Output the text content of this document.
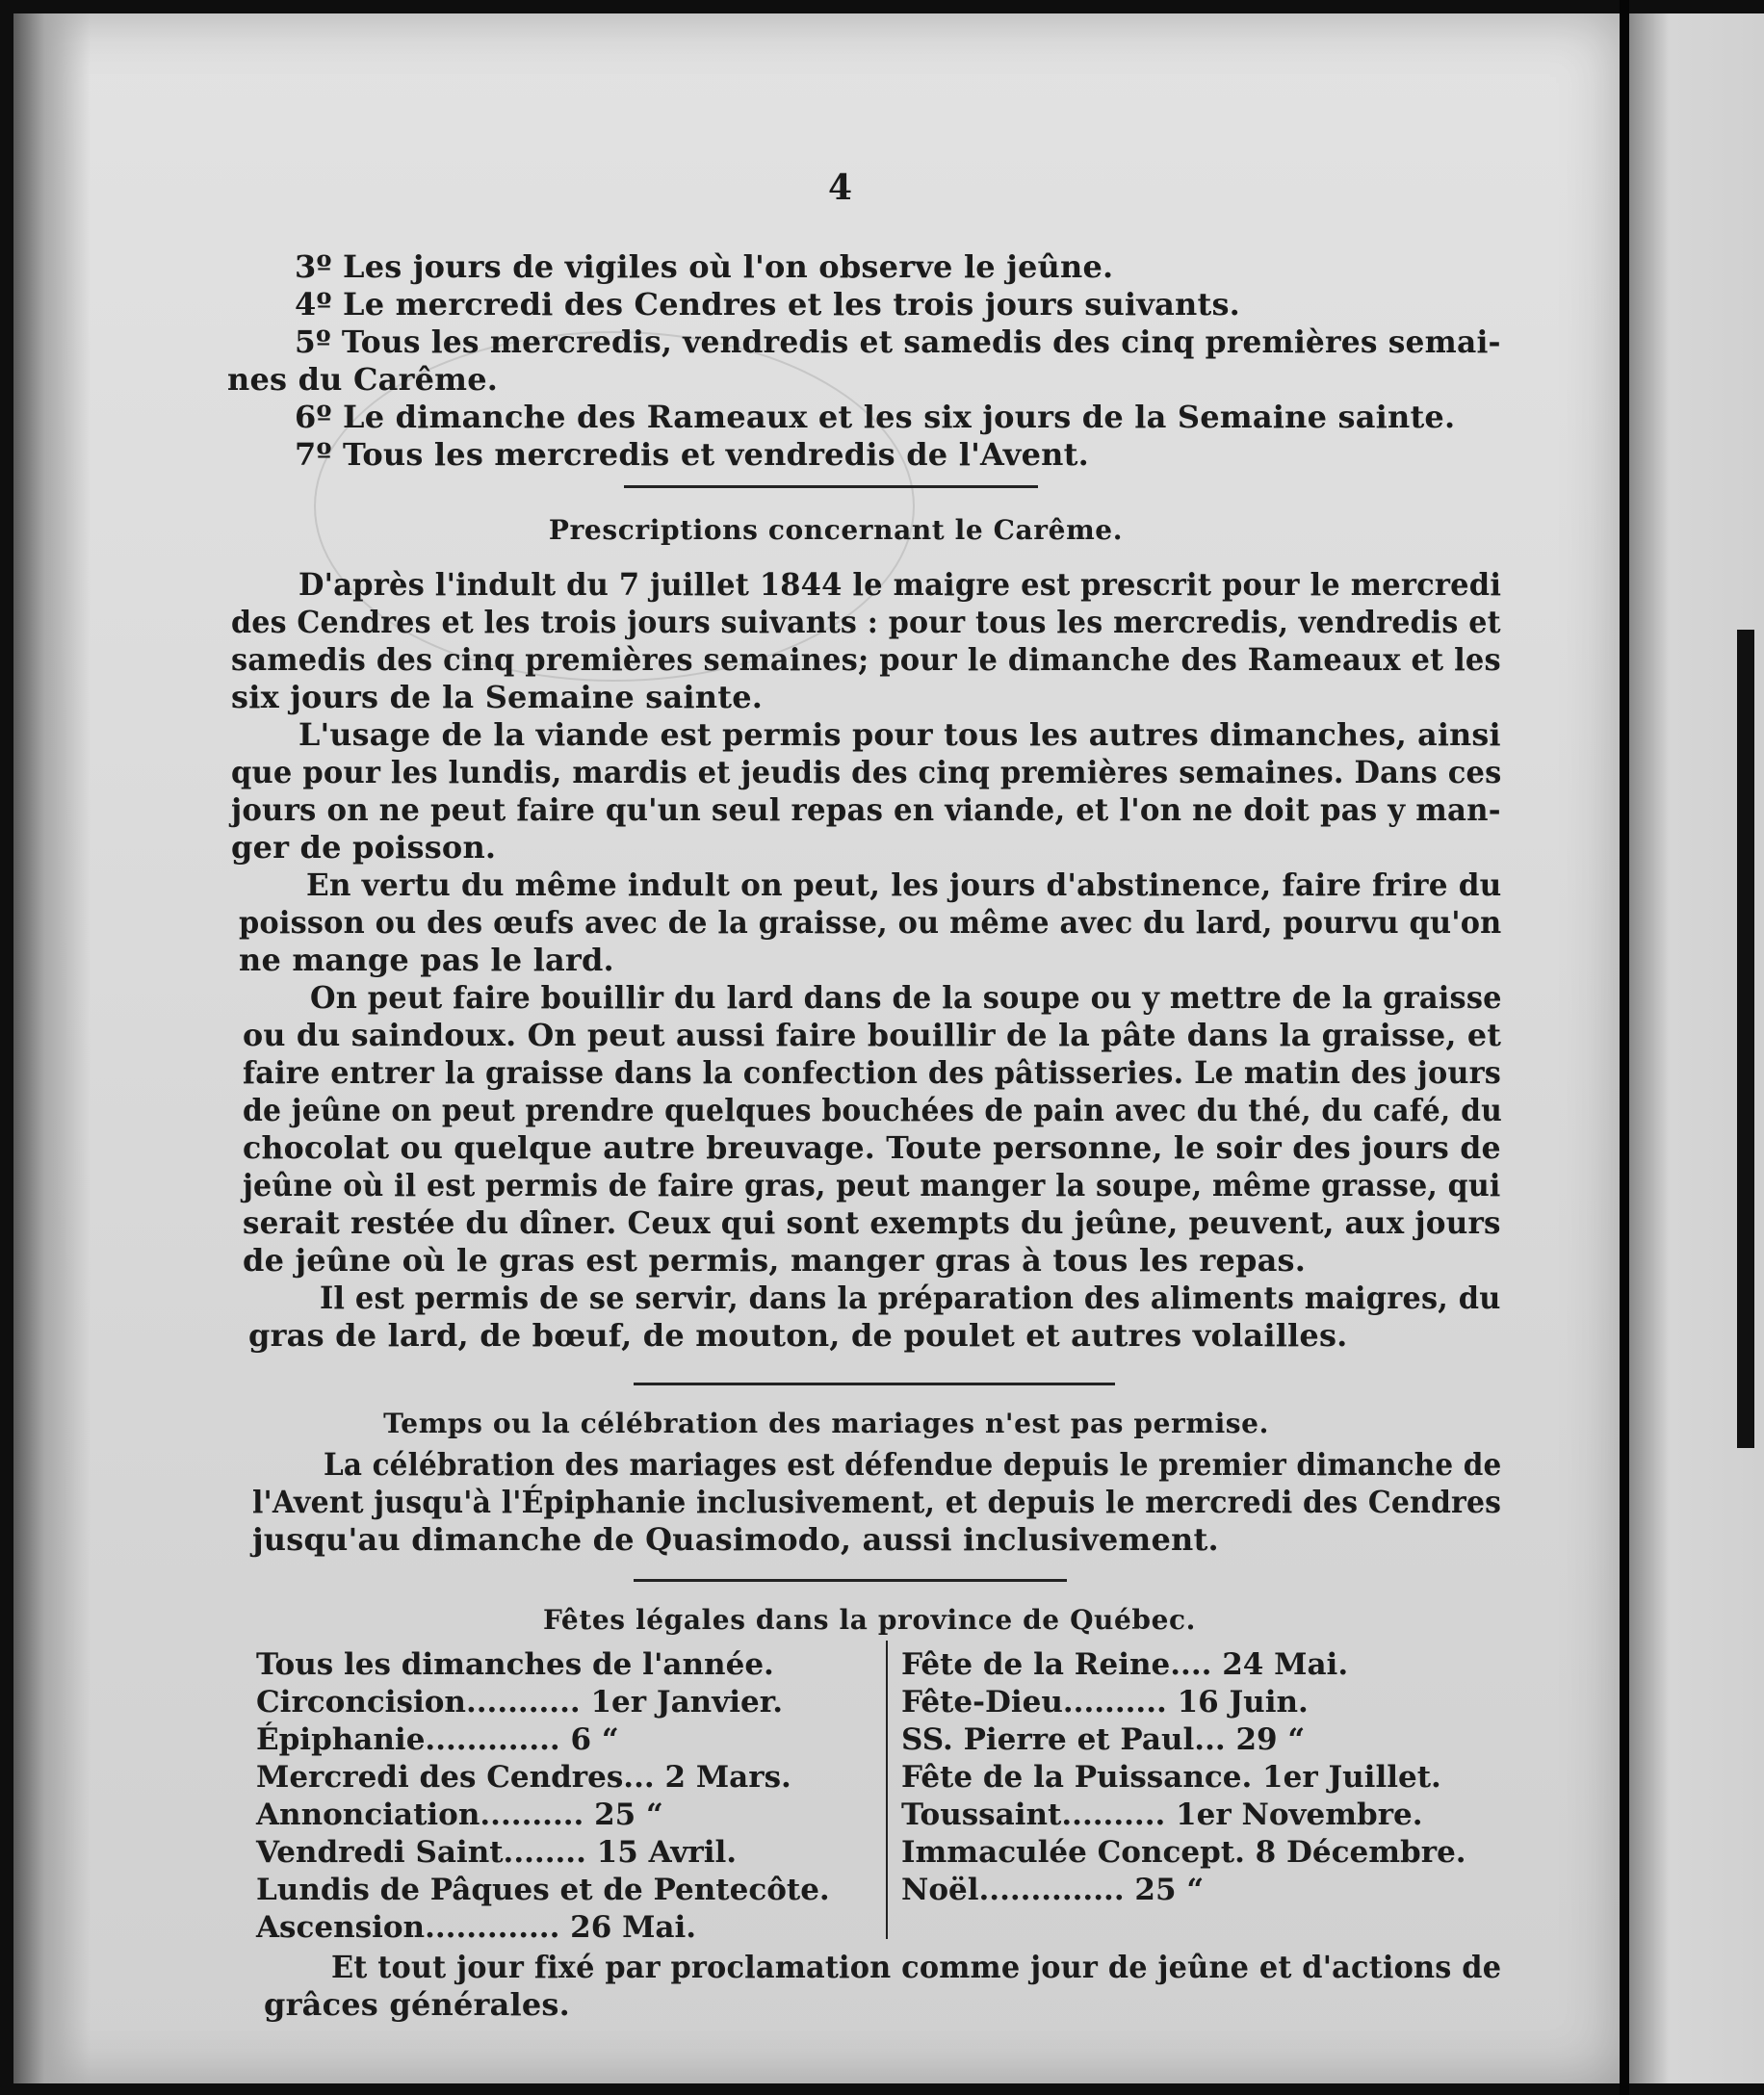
4
3º Les jours de vigiles où l'on observe le jeûne.
4º Le mercredi des Cendres et les trois jours suivants.
5º Tous les mercredis, vendredis et samedis des cinq premières semai-
nes du Carême.
6º Le dimanche des Rameaux et les six jours de la Semaine sainte.
7º Tous les mercredis et vendredis de l'Avent.
Prescriptions concernant le Carême.
D'après l'indult du 7 juillet 1844 le maigre est prescrit pour le mercredi
des Cendres et les trois jours suivants : pour tous les mercredis, vendredis et
samedis des cinq premières semaines; pour le dimanche des Rameaux et les
six jours de la Semaine sainte.
L'usage de la viande est permis pour tous les autres dimanches, ainsi
que pour les lundis, mardis et jeudis des cinq premières semaines. Dans ces
jours on ne peut faire qu'un seul repas en viande, et l'on ne doit pas y man-
ger de poisson.
En vertu du même indult on peut, les jours d'abstinence, faire frire du
poisson ou des œufs avec de la graisse, ou même avec du lard, pourvu qu'on
ne mange pas le lard.
On peut faire bouillir du lard dans de la soupe ou y mettre de la graisse
ou du saindoux. On peut aussi faire bouillir de la pâte dans la graisse, et
faire entrer la graisse dans la confection des pâtisseries. Le matin des jours
de jeûne on peut prendre quelques bouchées de pain avec du thé, du café, du
chocolat ou quelque autre breuvage. Toute personne, le soir des jours de
jeûne où il est permis de faire gras, peut manger la soupe, même grasse, qui
serait restée du dîner. Ceux qui sont exempts du jeûne, peuvent, aux jours
de jeûne où le gras est permis, manger gras à tous les repas.
Il est permis de se servir, dans la préparation des aliments maigres, du
gras de lard, de bœuf, de mouton, de poulet et autres volailles.
Temps ou la célébration des mariages n'est pas permise.
La célébration des mariages est défendue depuis le premier dimanche de
l'Avent jusqu'à l'Épiphanie inclusivement, et depuis le mercredi des Cendres
jusqu'au dimanche de Quasimodo, aussi inclusivement.
Fêtes légales dans la province de Québec.
Tous les dimanches de l'année.
Circoncision........... 1er Janvier.
Épiphanie............. 6 “
Mercredi des Cendres... 2 Mars.
Annonciation.......... 25 “
Vendredi Saint........ 15 Avril.
Lundis de Pâques et de Pentecôte.
Ascension............. 26 Mai.
Fête de la Reine.... 24 Mai.
Fête-Dieu.......... 16 Juin.
SS. Pierre et Paul... 29 “
Fête de la Puissance. 1er Juillet.
Toussaint.......... 1er Novembre.
Immaculée Concept. 8 Décembre.
Noël.............. 25 “
Et tout jour fixé par proclamation comme jour de jeûne et d'actions de
grâces générales.
